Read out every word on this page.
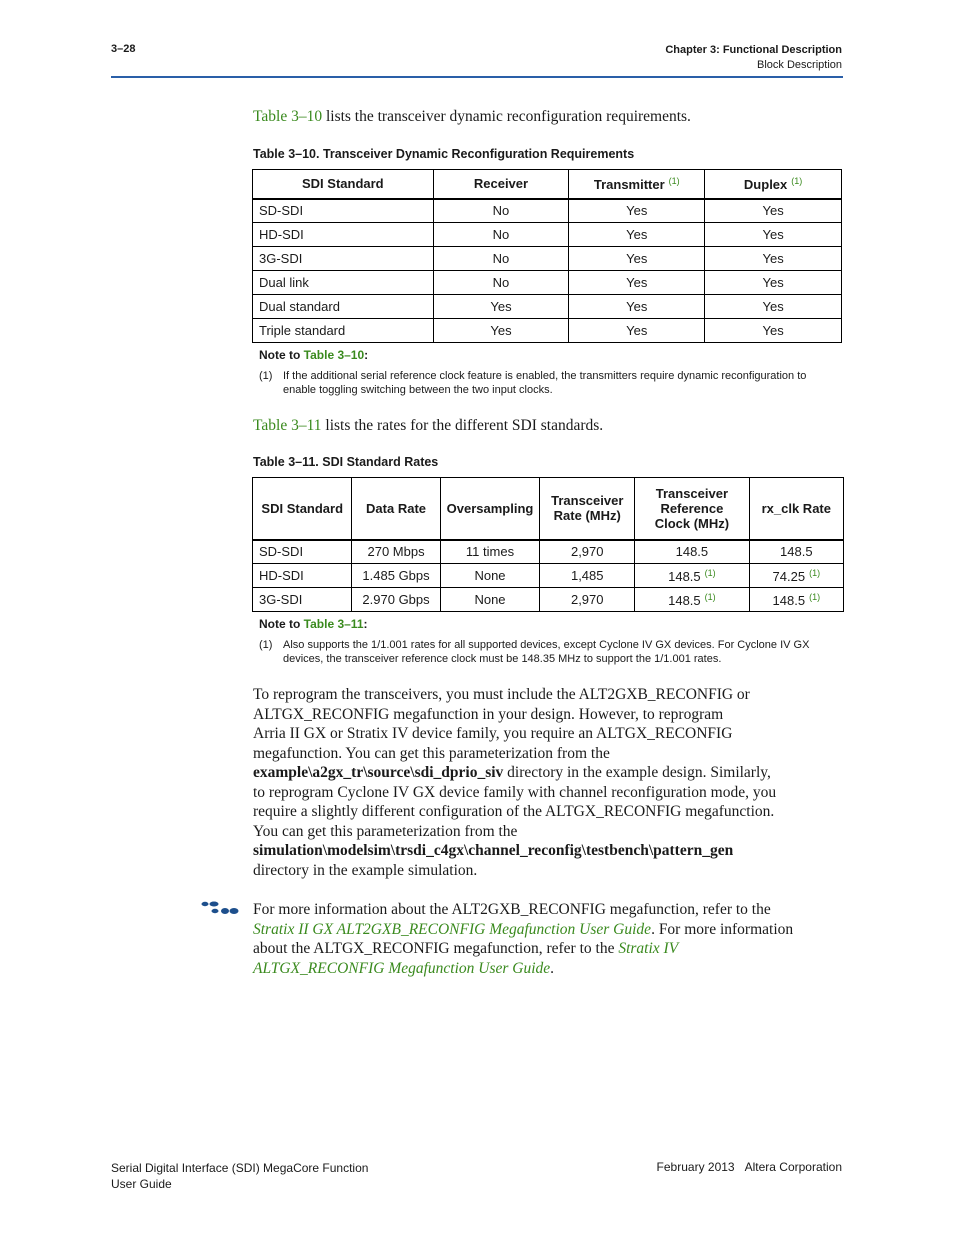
3–28	Chapter 3: Functional Description
Block Description
Table 3–10 lists the transceiver dynamic reconfiguration requirements.
Table 3–10. Transceiver Dynamic Reconfiguration Requirements
SDI Standard	Receiver	Transmitter $^{(1)}$	Duplex $^{(1)}$
SD-SDI	No	Yes	Yes
HD-SDI	No	Yes	Yes
3G-SDI	No	Yes	Yes
Dual link	No	Yes	Yes
Dual standard	Yes	Yes	Yes
Triple standard	Yes	Yes	Yes
Note to Table 3–10:
(1) If the additional serial reference clock feature is enabled, the transmitters require dynamic reconfiguration to enable toggling switching between the two input clocks.
Table 3–11 lists the rates for the different SDI standards.
Table 3–11. SDI Standard Rates
SDI Standard	Data Rate	Oversampling	Transceiver Rate (MHz)	Transceiver Reference Clock (MHz)	rx_clk Rate
SD-SDI	270 Mbps	11 times	2,970	148.5	148.5
HD-SDI	1.485 Gbps	None	1,485	148.5 $^{(1)}$	74.25 $^{(1)}$
3G-SDI	2.970 Gbps	None	2,970	148.5 $^{(1)}$	148.5 $^{(1)}$
Note to Table 3–11:
(1) Also supports the 1/1.001 rates for all supported devices, except Cyclone IV GX devices. For Cyclone IV GX devices, the transceiver reference clock must be 148.35 MHz to support the 1/1.001 rates.
To reprogram the transceivers, you must include the ALT2GXB_RECONFIG or
ALTGX_RECONFIG megafunction in your design. However, to reprogram
Arria II GX or Stratix IV device family, you require an ALTGX_RECONFIG
megafunction. You can get this parameterization from the
example\a2gx_tr\source\sdi_dprio_siv directory in the example design. Similarly,
to reprogram Cyclone IV GX device family with channel reconfiguration mode, you
require a slightly different configuration of the ALTGX_RECONFIG megafunction.
You can get this parameterization from the
simulation\modelsim\trsdi_c4gx\channel_reconfig\testbench\pattern_gen
directory in the example simulation.
For more information about the ALT2GXB_RECONFIG megafunction, refer to the
Stratix II GX ALT2GXB_RECONFIG Megafunction User Guide. For more information
about the ALTGX_RECONFIG megafunction, refer to the Stratix IV
ALTGX_RECONFIG Megafunction User Guide.
Serial Digital Interface (SDI) MegaCore Function
User Guide
February 2013 Altera Corporation
